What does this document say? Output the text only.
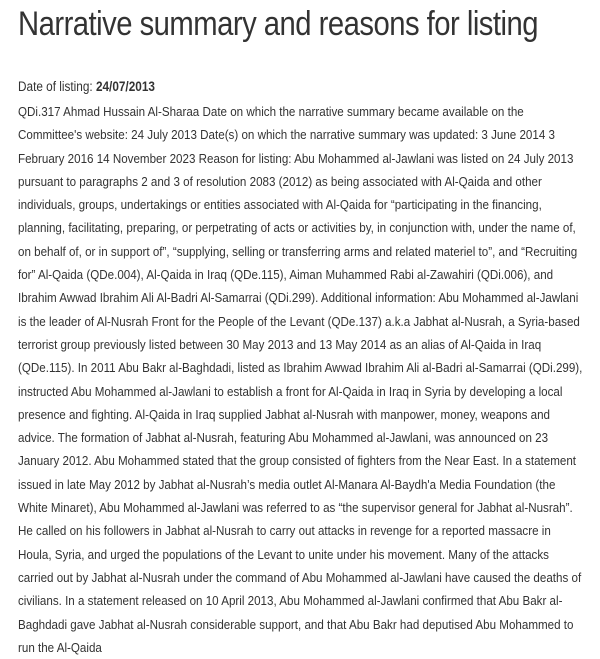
Narrative summary and reasons for listing
Date of listing: 24/07/2013
QDi.317 Ahmad Hussain Al-Sharaa Date on which the narrative summary became available on the Committee's website: 24 July 2013 Date(s) on which the narrative summary was updated: 3 June 2014 3 February 2016 14 November 2023 Reason for listing: Abu Mohammed al-Jawlani was listed on 24 July 2013 pursuant to paragraphs 2 and 3 of resolution 2083 (2012) as being associated with Al-Qaida and other individuals, groups, undertakings or entities associated with Al-Qaida for “participating in the financing, planning, facilitating, preparing, or perpetrating of acts or activities by, in conjunction with, under the name of, on behalf of, or in support of”, “supplying, selling or transferring arms and related materiel to”, and “Recruiting for” Al-Qaida (QDe.004), Al-Qaida in Iraq (QDe.115), Aiman Muhammed Rabi al-Zawahiri (QDi.006), and Ibrahim Awwad Ibrahim Ali Al-Badri Al-Samarrai (QDi.299). Additional information: Abu Mohammed al-Jawlani is the leader of Al-Nusrah Front for the People of the Levant (QDe.137) a.k.a Jabhat al-Nusrah, a Syria-based terrorist group previously listed between 30 May 2013 and 13 May 2014 as an alias of Al-Qaida in Iraq (QDe.115). In 2011 Abu Bakr al-Baghdadi, listed as Ibrahim Awwad Ibrahim Ali al-Badri al-Samarrai (QDi.299), instructed Abu Mohammed al-Jawlani to establish a front for Al-Qaida in Iraq in Syria by developing a local presence and fighting. Al-Qaida in Iraq supplied Jabhat al-Nusrah with manpower, money, weapons and advice. The formation of Jabhat al-Nusrah, featuring Abu Mohammed al-Jawlani, was announced on 23 January 2012. Abu Mohammed stated that the group consisted of fighters from the Near East. In a statement issued in late May 2012 by Jabhat al-Nusrah’s media outlet Al-Manara Al-Baydh'a Media Foundation (the White Minaret), Abu Mohammed al-Jawlani was referred to as “the supervisor general for Jabhat al-Nusrah”. He called on his followers in Jabhat al-Nusrah to carry out attacks in revenge for a reported massacre in Houla, Syria, and urged the populations of the Levant to unite under his movement. Many of the attacks carried out by Jabhat al-Nusrah under the command of Abu Mohammed al-Jawlani have caused the deaths of civilians. In a statement released on 10 April 2013, Abu Mohammed al-Jawlani confirmed that Abu Bakr al-Baghdadi gave Jabhat al-Nusrah considerable support, and that Abu Bakr had deputised Abu Mohammed to run the Al-Qaida
